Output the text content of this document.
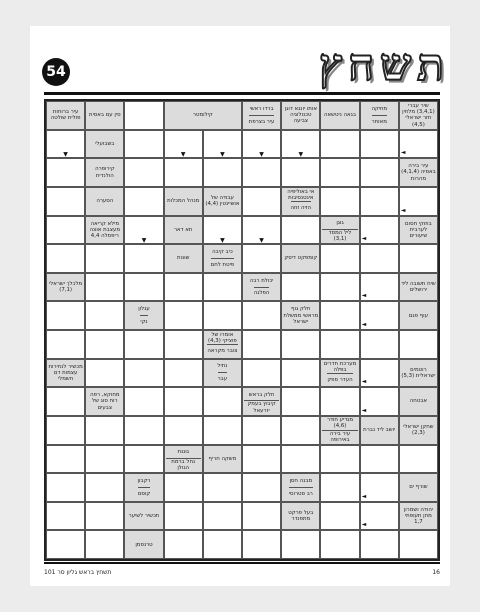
תשחץ
54
שיר עברי (3,4,1) מלחין חזר ישראלי (4,5)
מוזיקה
מאוחר
בגאה ניטשאה
אותו יונגא דוגן טכנולוגיה צביעה
ברדו ראשי
עיר בצרפת
קילומטר
סין עם באסית
עיר ברוחות פולית שולטה
◄
▼
▼
▼
▼
בשבועלי
▼
עיר בירה באסיה (4,1,4) מהרות
קירופרה הולנדית
◄
אי באוליפיה אינטנסיבות
הזיה זוזה
עבודה של אושיינטין (4,4)
מנהל המכלות
הסערה
בוזוקי חסום לערבית שיעורים
◄
גוגן
ליל המסד (3,1)
▼
▼
תא דאר
▼
מילא קריאה מעצבת אוצה ריפסלה 4,4
קומפקט דיסק
כיב קיבה
פיטת לחם
שונות
שיח תשובה ליד ירושלים
◄
יכולת רבה
הפלגה
מלכלך ישראלי (7,1)
עוף פגם
◄
חלק גוף מראשי ממשלת ישראל
עגלון
נקי
אומרו של פוציקי (4,3)
צובר מקראה
רוטמים ישראלית (5,3)
◄
מערכת חדרים בפלה
העדר ספק
נתיל
עבר
מכשיר לנחירות עצמות דם חשמלי
אבטחה
◄
חלק בראש
קיבוץ בעמק יזרעאל
מחוקא, רפה רוח סוג של צבעים
שחקן ישראלי (2,3)
יושב ליד נברת
מגדיע חודר (4,6)
עיר בירה באירופה
משקה חריף
גוננת
נחל ברמת הגולן
שורף ים
◄
מבנה חסן
רב סטרוסי
רקבון
קוסם
יהודה ושמרון מחן תעופתי 1,7
◄
בעל פרקט מתפנדר
תכשיר לשיער
טרנסמן
16
תשחץ בראש גליון סר 101
